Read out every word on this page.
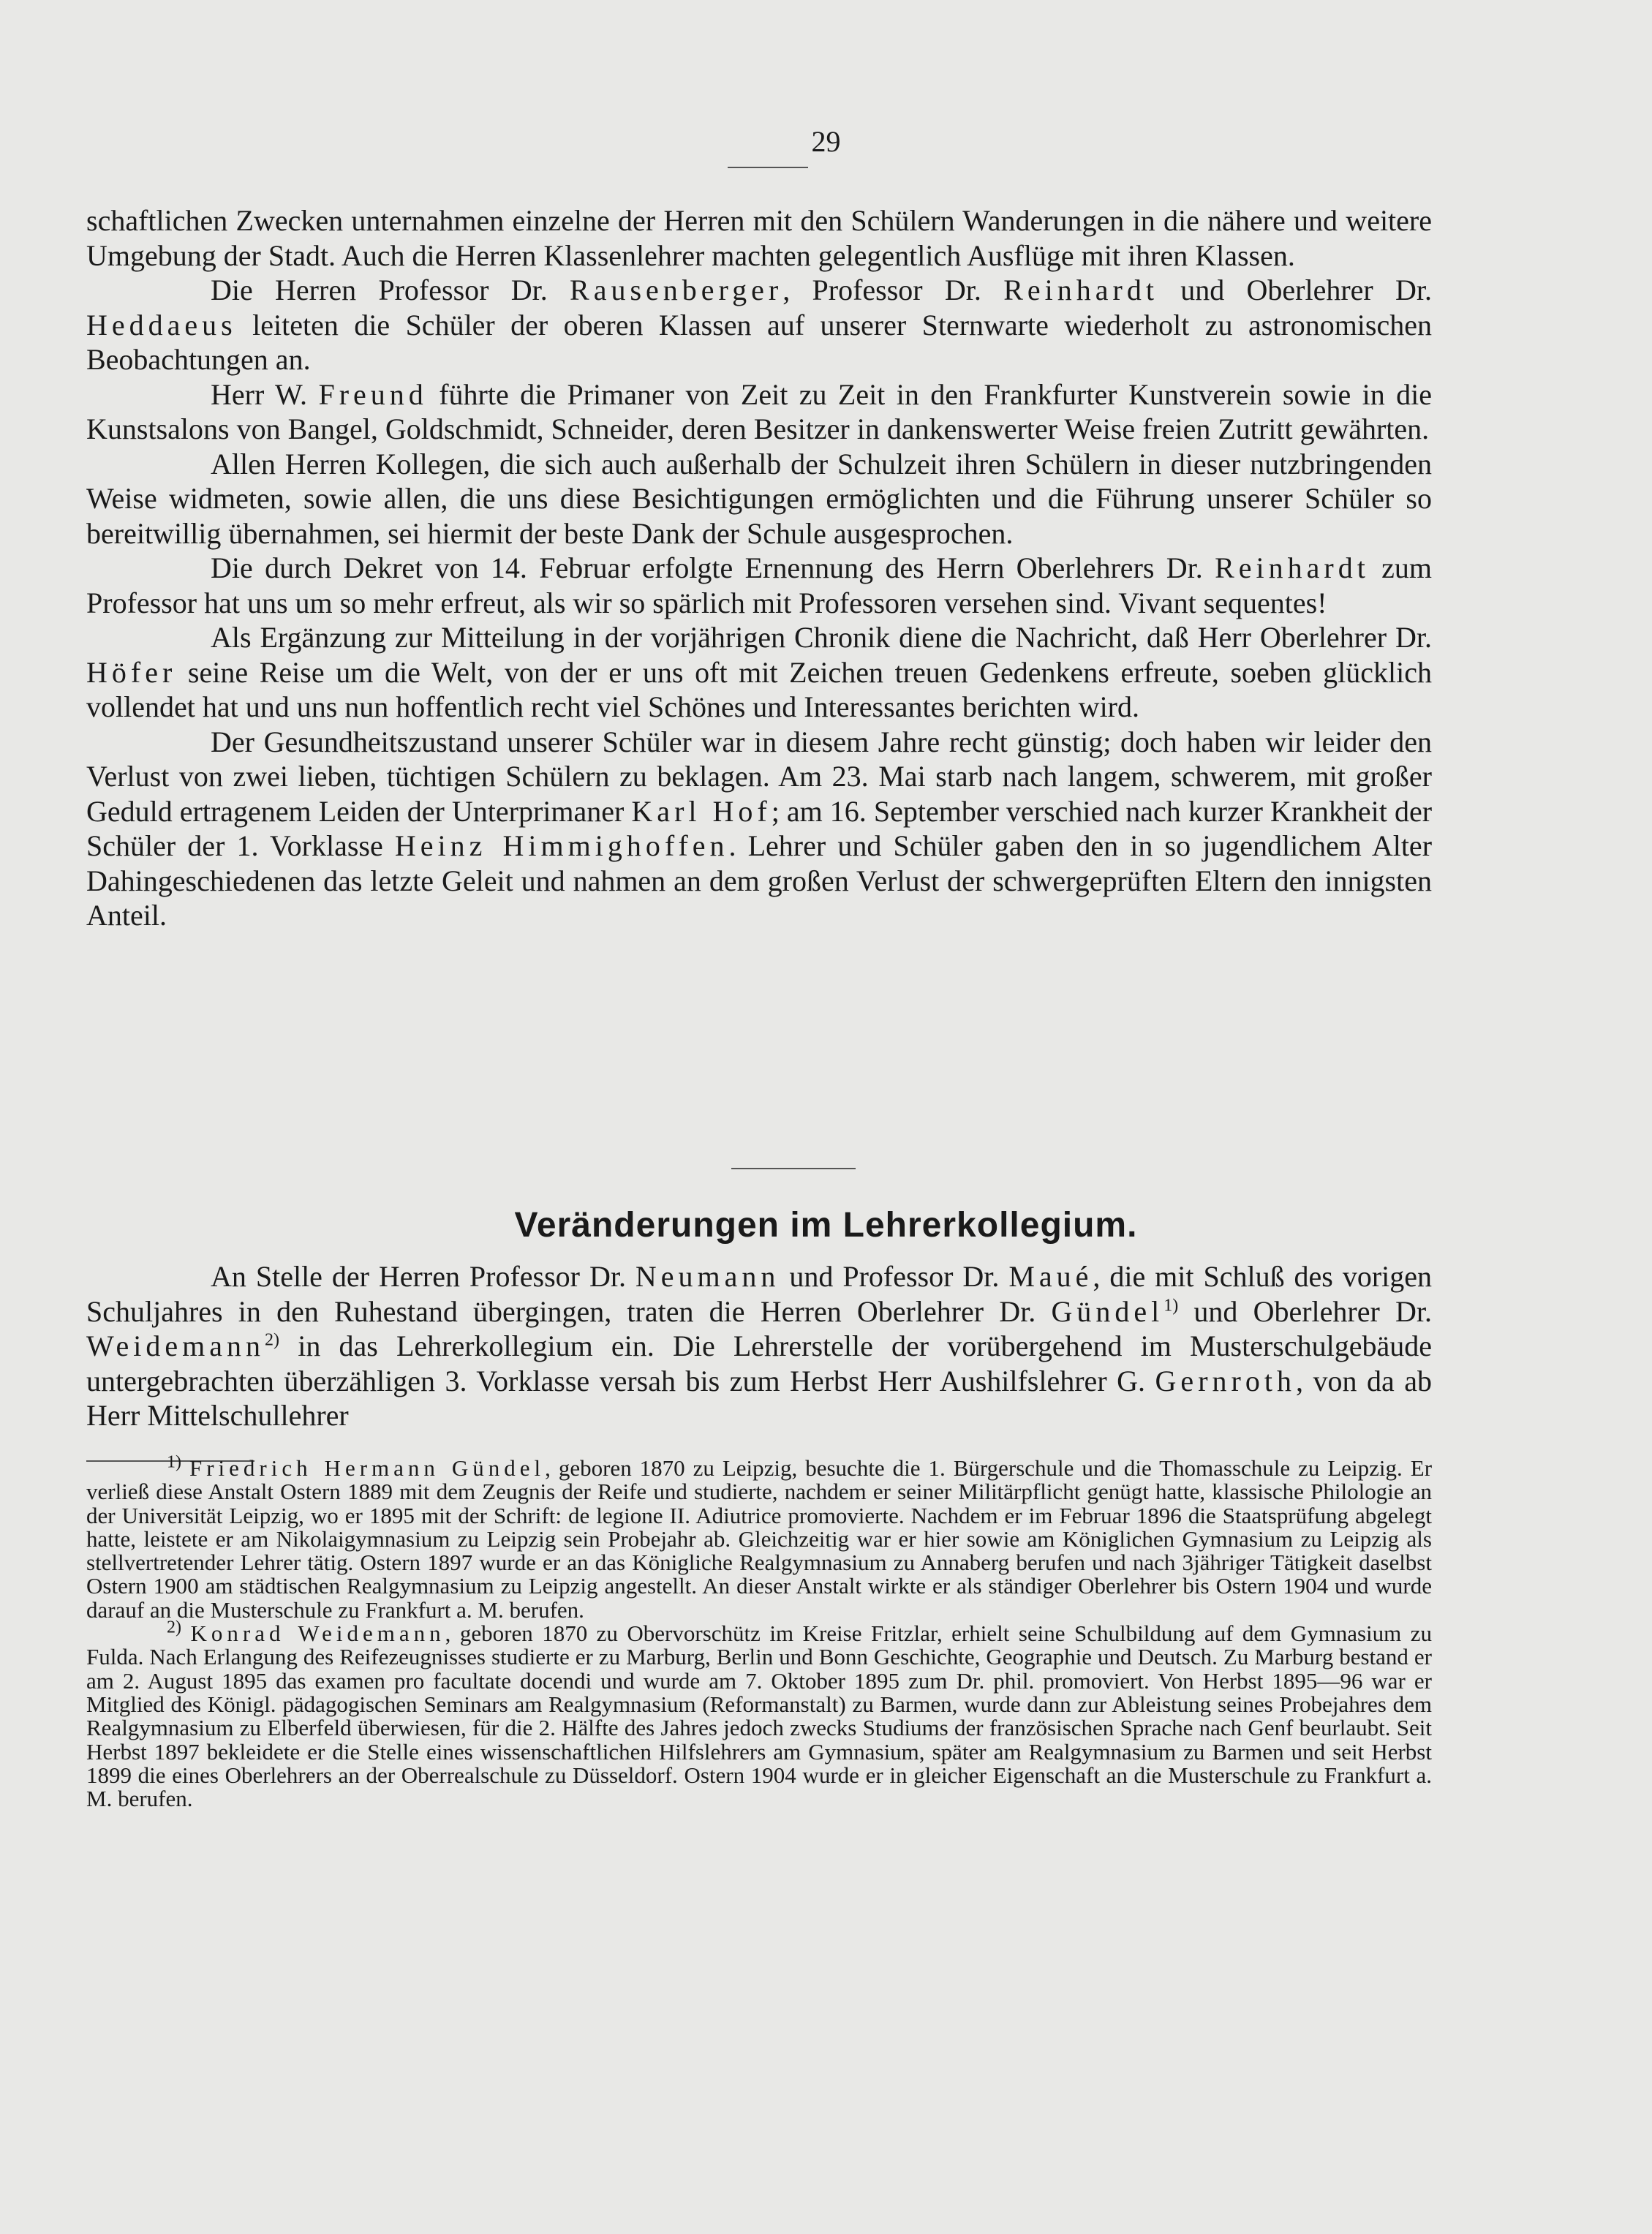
29

schaftlichen Zwecken unternahmen einzelne der Herren mit den Schülern Wanderungen in die nähere und weitere Umgebung der Stadt. Auch die Herren Klassenlehrer machten gelegentlich Ausflüge mit ihren Klassen.

Die Herren Professor Dr. Rausenberger, Professor Dr. Reinhardt und Oberlehrer Dr. Heddaeus leiteten die Schüler der oberen Klassen auf unserer Sternwarte wiederholt zu astronomischen Beobachtungen an.

Herr W. Freund führte die Primaner von Zeit zu Zeit in den Frankfurter Kunstverein sowie in die Kunstsalons von Bangel, Goldschmidt, Schneider, deren Besitzer in dankenswerter Weise freien Zutritt gewährten.

Allen Herren Kollegen, die sich auch außerhalb der Schulzeit ihren Schülern in dieser nutzbringenden Weise widmeten, sowie allen, die uns diese Besichtigungen ermöglichten und die Führung unserer Schüler so bereitwillig übernahmen, sei hiermit der beste Dank der Schule ausgesprochen.

Die durch Dekret von 14. Februar erfolgte Ernennung des Herrn Oberlehrers Dr. Reinhardt zum Professor hat uns um so mehr erfreut, als wir so spärlich mit Professoren versehen sind. Vivant sequentes!

Als Ergänzung zur Mitteilung in der vorjährigen Chronik diene die Nachricht, daß Herr Oberlehrer Dr. Höfer seine Reise um die Welt, von der er uns oft mit Zeichen treuen Gedenkens erfreute, soeben glücklich vollendet hat und uns nun hoffentlich recht viel Schönes und Interessantes berichten wird.

Der Gesundheitszustand unserer Schüler war in diesem Jahre recht günstig; doch haben wir leider den Verlust von zwei lieben, tüchtigen Schülern zu beklagen. Am 23. Mai starb nach langem, schwerem, mit großer Geduld ertragenem Leiden der Unterprimaner Karl Hof; am 16. September verschied nach kurzer Krankheit der Schüler der 1. Vorklasse Heinz Himmighoffen. Lehrer und Schüler gaben den in so jugendlichem Alter Dahingeschiedenen das letzte Geleit und nahmen an dem großen Verlust der schwergeprüften Eltern den innigsten Anteil.

Veränderungen im Lehrerkollegium.

An Stelle der Herren Professor Dr. Neumann und Professor Dr. Maué, die mit Schluß des vorigen Schuljahres in den Ruhestand übergingen, traten die Herren Oberlehrer Dr. Gündel$^{1)}$ und Oberlehrer Dr. Weidemann$^{2)}$ in das Lehrerkollegium ein. Die Lehrerstelle der vorübergehend im Musterschulgebäude untergebrachten überzähligen 3. Vorklasse versah bis zum Herbst Herr Aushilfslehrer G. Gernroth, von da ab Herr Mittelschullehrer

$^{1)}$ Friedrich Hermann Gündel, geboren 1870 zu Leipzig, besuchte die 1. Bürgerschule und die Thomasschule zu Leipzig. Er verließ diese Anstalt Ostern 1889 mit dem Zeugnis der Reife und studierte, nachdem er seiner Militärpflicht genügt hatte, klassische Philologie an der Universität Leipzig, wo er 1895 mit der Schrift: de legione II. Adiutrice promovierte. Nachdem er im Februar 1896 die Staatsprüfung abgelegt hatte, leistete er am Nikolaigymnasium zu Leipzig sein Probejahr ab. Gleichzeitig war er hier sowie am Königlichen Gymnasium zu Leipzig als stellvertretender Lehrer tätig. Ostern 1897 wurde er an das Königliche Realgymnasium zu Annaberg berufen und nach 3jähriger Tätigkeit daselbst Ostern 1900 am städtischen Realgymnasium zu Leipzig angestellt. An dieser Anstalt wirkte er als ständiger Oberlehrer bis Ostern 1904 und wurde darauf an die Musterschule zu Frankfurt a. M. berufen.

$^{2)}$ Konrad Weidemann, geboren 1870 zu Obervorschütz im Kreise Fritzlar, erhielt seine Schulbildung auf dem Gymnasium zu Fulda. Nach Erlangung des Reifezeugnisses studierte er zu Marburg, Berlin und Bonn Geschichte, Geographie und Deutsch. Zu Marburg bestand er am 2. August 1895 das examen pro facultate docendi und wurde am 7. Oktober 1895 zum Dr. phil. promoviert. Von Herbst 1895—96 war er Mitglied des Königl. pädagogischen Seminars am Realgymnasium (Reformanstalt) zu Barmen, wurde dann zur Ableistung seines Probejahres dem Realgymnasium zu Elberfeld überwiesen, für die 2. Hälfte des Jahres jedoch zwecks Studiums der französischen Sprache nach Genf beurlaubt. Seit Herbst 1897 bekleidete er die Stelle eines wissenschaftlichen Hilfslehrers am Gymnasium, später am Realgymnasium zu Barmen und seit Herbst 1899 die eines Oberlehrers an der Oberrealschule zu Düsseldorf. Ostern 1904 wurde er in gleicher Eigenschaft an die Musterschule zu Frankfurt a. M. berufen.
